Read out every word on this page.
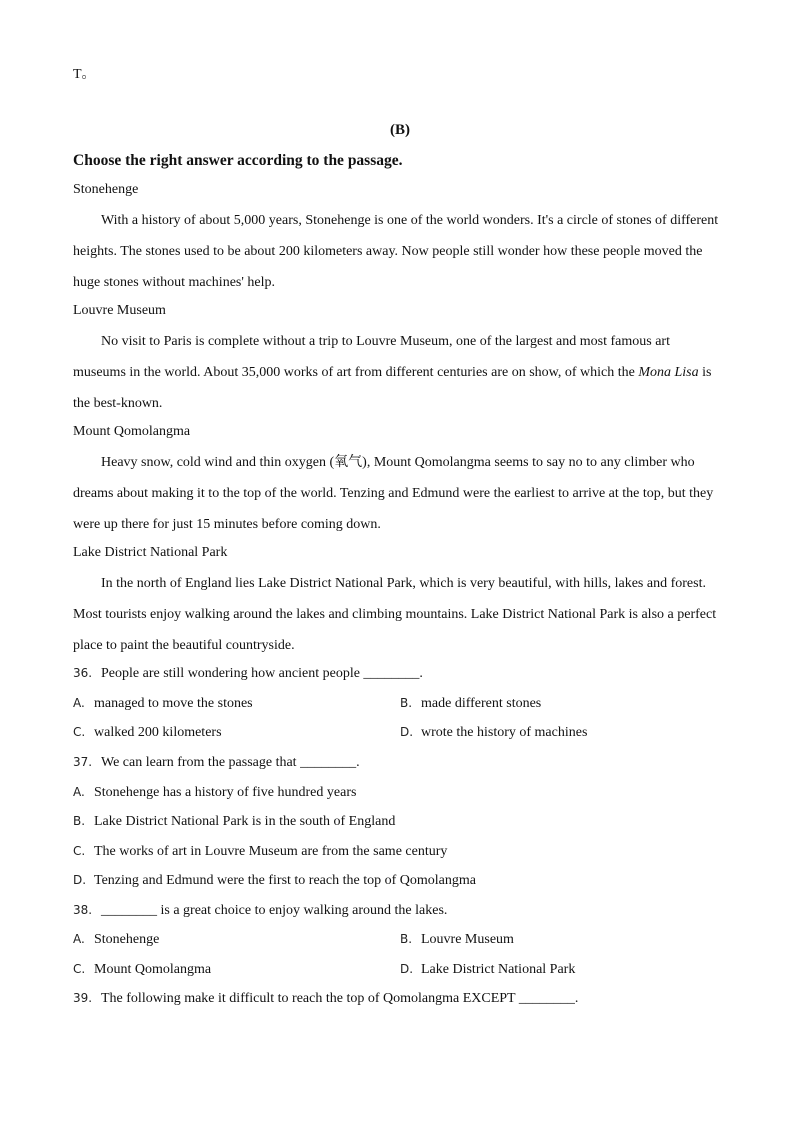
T。
(B)
Choose the right answer according to the passage.
Stonehenge
With a history of about 5,000 years, Stonehenge is one of the world wonders. It's a circle of stones of different heights. The stones used to be about 200 kilometers away. Now people still wonder how these people moved the huge stones without machines' help.
Louvre Museum
No visit to Paris is complete without a trip to Louvre Museum, one of the largest and most famous art museums in the world. About 35,000 works of art from different centuries are on show, of which the Mona Lisa is the best-known.
Mount Qomolangma
Heavy snow, cold wind and thin oxygen (氧气), Mount Qomolangma seems to say no to any climber who dreams about making it to the top of the world. Tenzing and Edmund were the earliest to arrive at the top, but they were up there for just 15 minutes before coming down.
Lake District National Park
In the north of England lies Lake District National Park, which is very beautiful, with hills, lakes and forest. Most tourists enjoy walking around the lakes and climbing mountains. Lake District National Park is also a perfect place to paint the beautiful countryside.
36. People are still wondering how ancient people ________.
A. managed to move the stones	B. made different stones
C. walked 200 kilometers	D. wrote the history of machines
37. We can learn from the passage that ________.
A. Stonehenge has a history of five hundred years
B. Lake District National Park is in the south of England
C. The works of art in Louvre Museum are from the same century
D. Tenzing and Edmund were the first to reach the top of Qomolangma
38. ________ is a great choice to enjoy walking around the lakes.
A. Stonehenge	B. Louvre Museum
C. Mount Qomolangma	D. Lake District National Park
39. The following make it difficult to reach the top of Qomolangma EXCEPT ________.
